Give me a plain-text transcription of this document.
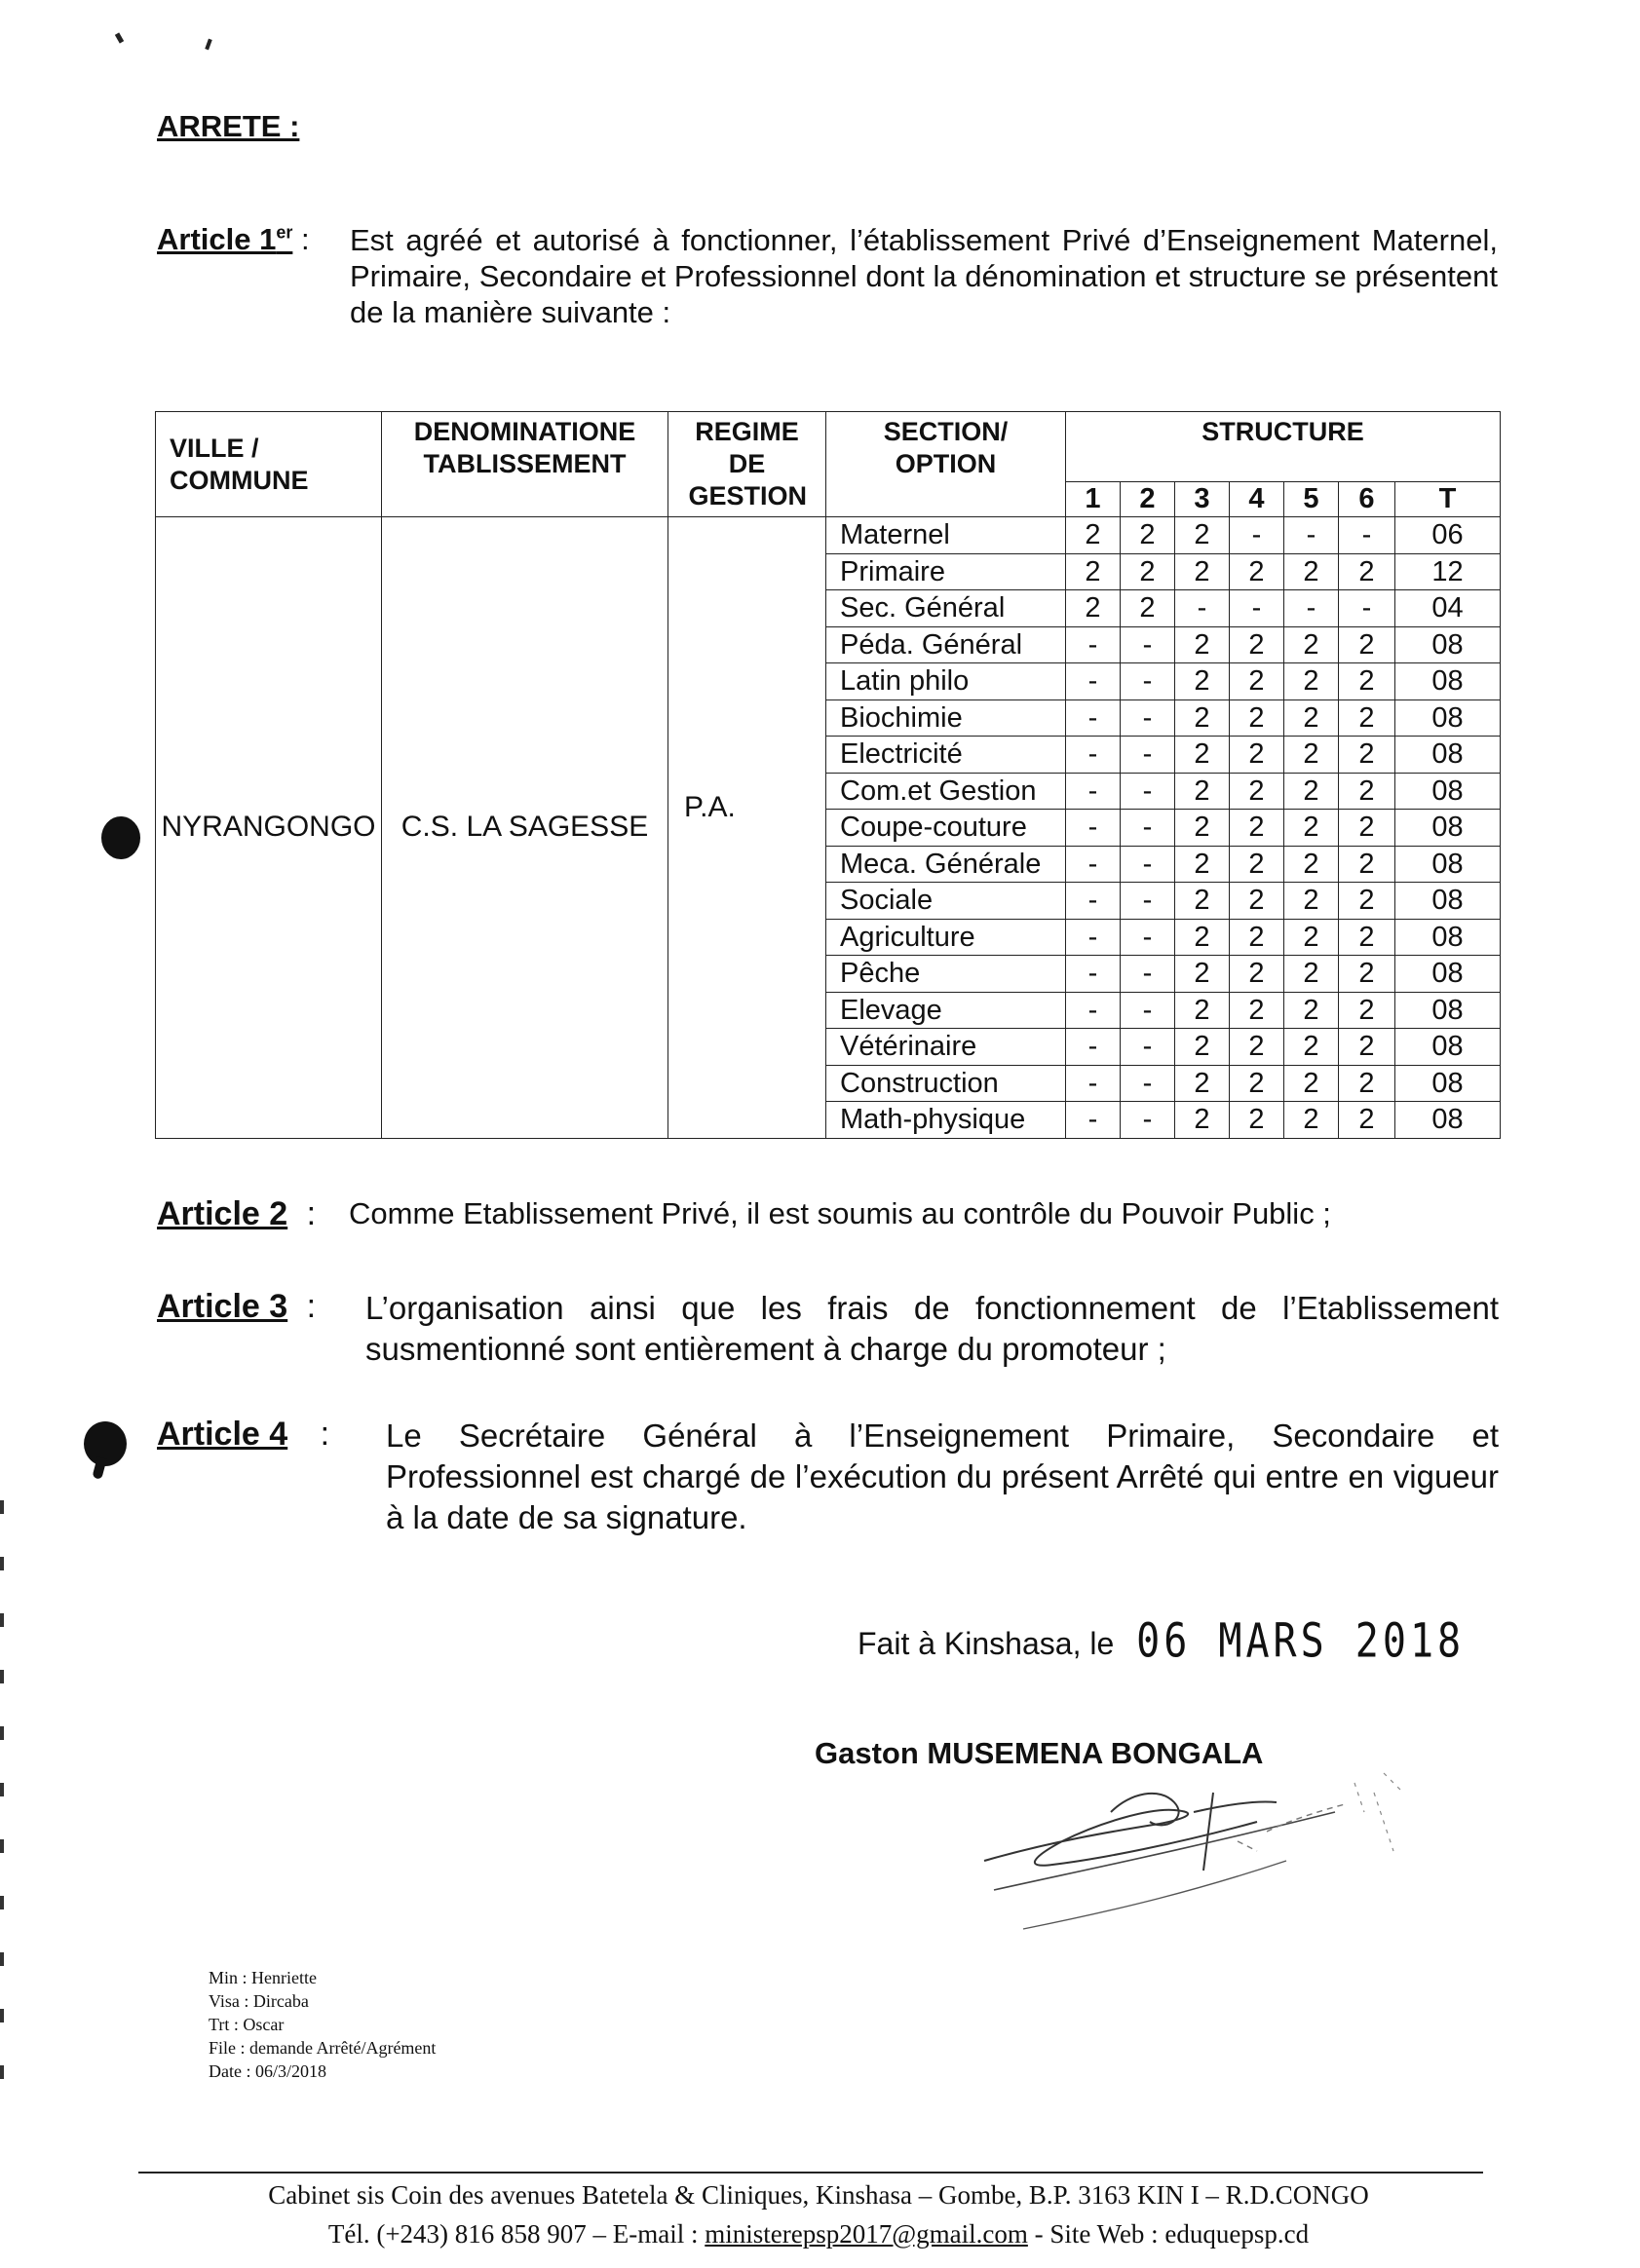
ARRETE :
Article 1er : Est agréé et autorisé à fonctionner, l’établissement Privé d’Enseignement Maternel, Primaire, Secondaire et Professionnel dont la dénomination et structure se présentent de la manière suivante :
VILLE / COMMUNE	DENOMINATIONE TABLISSEMENT	REGIME DE GESTION	SECTION/ OPTION	STRUCTURE						
				1	2	3	4	5	6	T
NYRANGONGO	C.S. LA SAGESSE	P.A.	Maternel	2	2	2	-	-	-	06
			Primaire	2	2	2	2	2	2	12
			Sec. Général	2	2	-	-	-	-	04
			Péda. Général	-	-	2	2	2	2	08
			Latin philo	-	-	2	2	2	2	08
			Biochimie	-	-	2	2	2	2	08
			Electricité	-	-	2	2	2	2	08
			Com.et Gestion	-	-	2	2	2	2	08
			Coupe-couture	-	-	2	2	2	2	08
			Meca. Générale	-	-	2	2	2	2	08
			Sociale	-	-	2	2	2	2	08
			Agriculture	-	-	2	2	2	2	08
			Pêche	-	-	2	2	2	2	08
			Elevage	-	-	2	2	2	2	08
			Vétérinaire	-	-	2	2	2	2	08
			Construction	-	-	2	2	2	2	08
			Math-physique	-	-	2	2	2	2	08
Article 2 : Comme Etablissement Privé, il est soumis au contrôle du Pouvoir Public ;
Article 3 : L’organisation ainsi que les frais de fonctionnement de l’Etablissement susmentionné sont entièrement à charge du promoteur ;
Article 4 : Le Secrétaire Général à l’Enseignement Primaire, Secondaire et Professionnel est chargé de l’exécution du présent Arrêté qui entre en vigueur à la date de sa signature.
Fait à Kinshasa, le 06 MARS 2018
Gaston MUSEMENA BONGALA
Min : Henriette
Visa : Dircaba
Trt : Oscar
File : demande Arrêté/Agrément
Date : 06/3/2018
Cabinet sis Coin des avenues Batetela & Cliniques, Kinshasa – Gombe, B.P. 3163 KIN I – R.D.CONGO
Tél. (+243) 816 858 907 – E-mail : ministerepsp2017@gmail.com - Site Web : eduquepsp.cd
